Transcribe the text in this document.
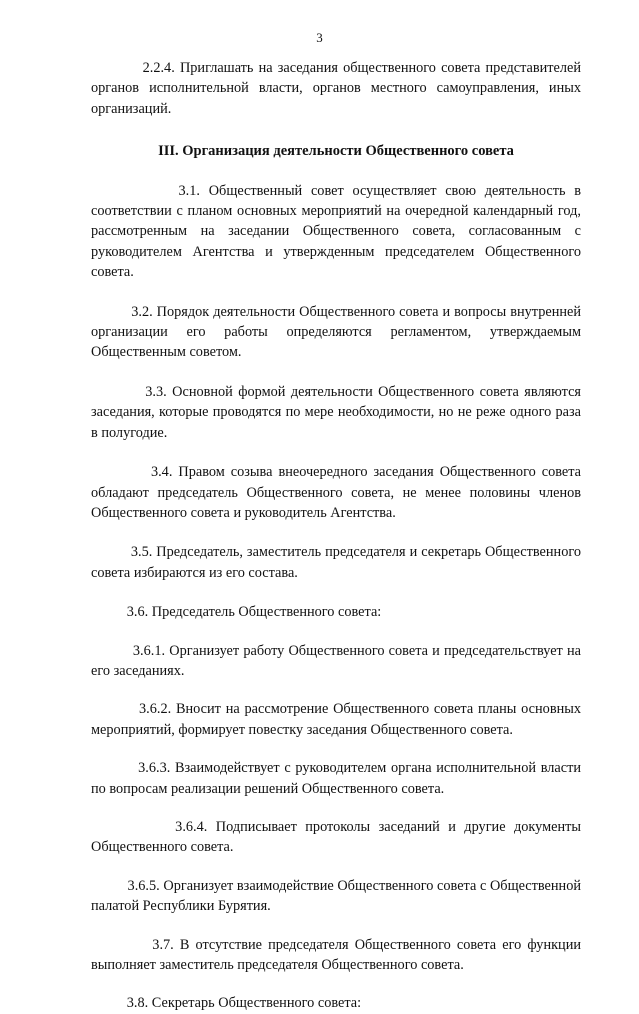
3

2.2.4. Приглашать на заседания общественного совета представителей органов исполнительной власти, органов местного самоуправления, иных организаций.

III. Организация деятельности Общественного совета

3.1. Общественный совет осуществляет свою деятельность в соответствии с планом основных мероприятий на очередной календарный год, рассмотренным на заседании Общественного совета, согласованным с руководителем Агентства и утвержденным председателем Общественного совета.

3.2. Порядок деятельности Общественного совета и вопросы внутренней организации его работы определяются регламентом, утверждаемым Общественным советом.

3.3. Основной формой деятельности Общественного совета являются заседания, которые проводятся по мере необходимости, но не реже одного раза в полугодие.

3.4. Правом созыва внеочередного заседания Общественного совета обладают председатель Общественного совета, не менее половины членов Общественного совета и руководитель Агентства.

3.5. Председатель, заместитель председателя и секретарь Общественного совета избираются из его состава.

3.6. Председатель Общественного совета:

3.6.1. Организует работу Общественного совета и председательствует на его заседаниях.

3.6.2. Вносит на рассмотрение Общественного совета планы основных мероприятий, формирует повестку заседания Общественного совета.

3.6.3. Взаимодействует с руководителем органа исполнительной власти по вопросам реализации решений Общественного совета.

3.6.4. Подписывает протоколы заседаний и другие документы Общественного совета.

3.6.5. Организует взаимодействие Общественного совета с Общественной палатой Республики Бурятия.

3.7. В отсутствие председателя Общественного совета его функции выполняет заместитель председателя Общественного совета.

3.8. Секретарь Общественного совета:
